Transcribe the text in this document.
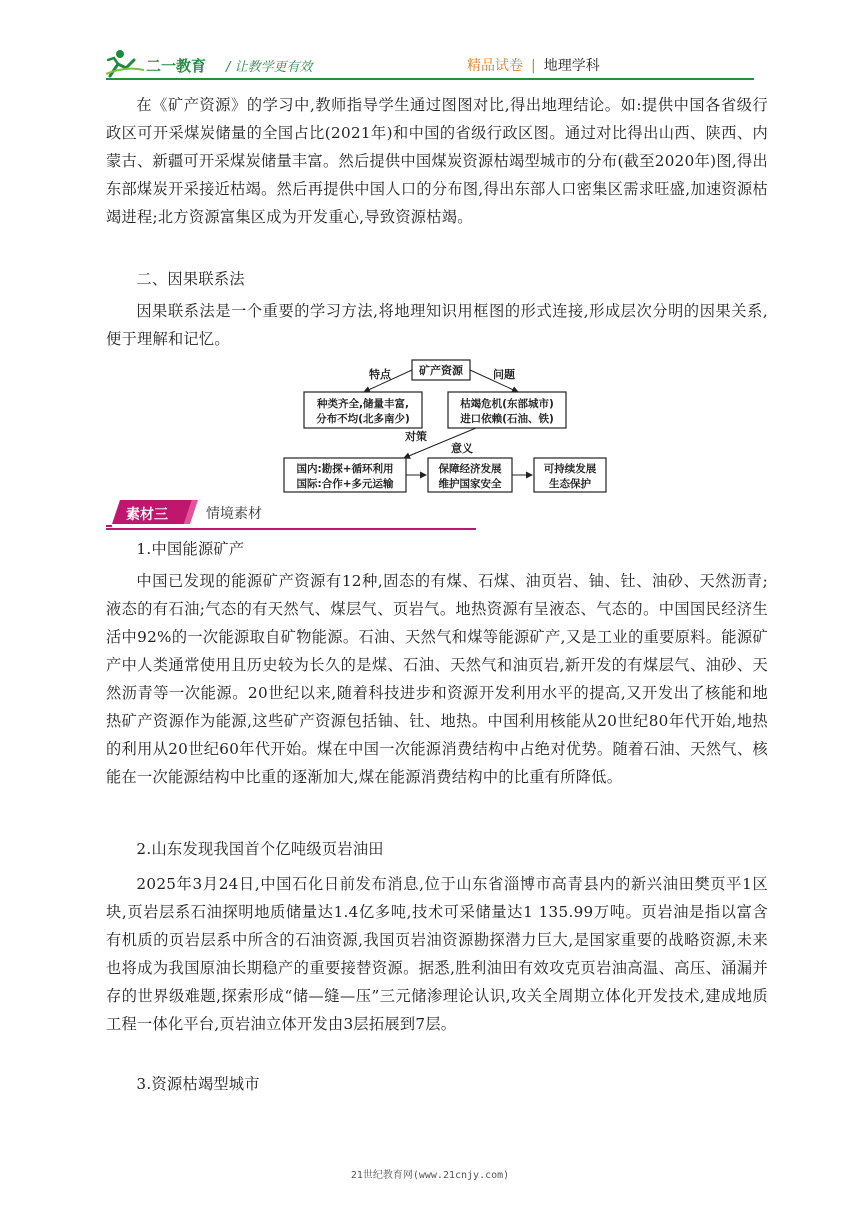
二一教育 / 让教学更有效	精品试卷 | 地理学科

在《矿产资源》的学习中,教师指导学生通过图图对比,得出地理结论。如:提供中国各省级行政区可开采煤炭储量的全国占比(2021年)和中国的省级行政区图。通过对比得出山西、陕西、内蒙古、新疆可开采煤炭储量丰富。然后提供中国煤炭资源枯竭型城市的分布(截至2020年)图,得出东部煤炭开采接近枯竭。然后再提供中国人口的分布图,得出东部人口密集区需求旺盛,加速资源枯竭进程;北方资源富集区成为开发重心,导致资源枯竭。

二、因果联系法

因果联系法是一个重要的学习方法,将地理知识用框图的形式连接,形成层次分明的因果关系,便于理解和记忆。

矿产资源
特点	问题
种类齐全,储量丰富,
分布不均(北多南少)
枯竭危机(东部城市)
进口依赖(石油、铁)
对策
国内:勘探+循环利用
国际:合作+多元运输
意义
保障经济发展
维护国家安全
可持续发展
生态保护
素材三	情境素材

1.中国能源矿产

中国已发现的能源矿产资源有12种,固态的有煤、石煤、油页岩、铀、钍、油砂、天然沥青;液态的有石油;气态的有天然气、煤层气、页岩气。地热资源有呈液态、气态的。中国国民经济生活中92%的一次能源取自矿物能源。石油、天然气和煤等能源矿产,又是工业的重要原料。能源矿产中人类通常使用且历史较为长久的是煤、石油、天然气和油页岩,新开发的有煤层气、油砂、天然沥青等一次能源。20世纪以来,随着科技进步和资源开发利用水平的提高,又开发出了核能和地热矿产资源作为能源,这些矿产资源包括铀、钍、地热。中国利用核能从20世纪80年代开始,地热的利用从20世纪60年代开始。煤在中国一次能源消费结构中占绝对优势。随着石油、天然气、核能在一次能源结构中比重的逐渐加大,煤在能源消费结构中的比重有所降低。

2.山东发现我国首个亿吨级页岩油田

2025年3月24日,中国石化日前发布消息,位于山东省淄博市高青县内的新兴油田樊页平1区块,页岩层系石油探明地质储量达1.4亿多吨,技术可采储量达1 135.99万吨。页岩油是指以富含有机质的页岩层系中所含的石油资源,我国页岩油资源勘探潜力巨大,是国家重要的战略资源,未来也将成为我国原油长期稳产的重要接替资源。据悉,胜利油田有效攻克页岩油高温、高压、涌漏并存的世界级难题,探索形成“储—缝—压”三元储渗理论认识,攻关全周期立体化开发技术,建成地质工程一体化平台,页岩油立体开发由3层拓展到7层。

3.资源枯竭型城市

21世纪教育网(www.21cnjy.com)
